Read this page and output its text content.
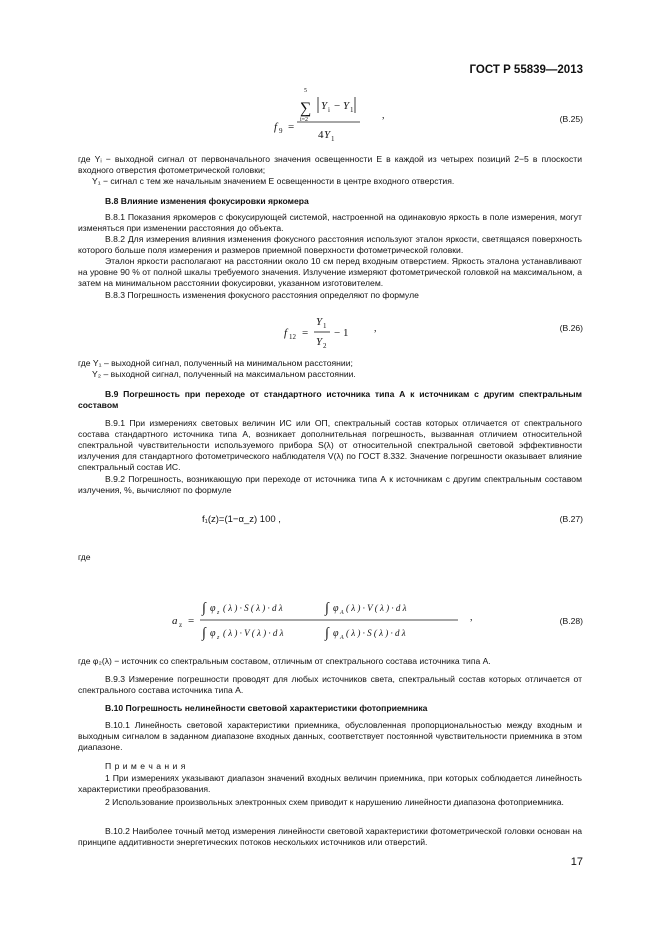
ГОСТ Р 55839—2013
f 9 =
5
∑
i=2
Y i − Y 1
4 Y 1
,	(В.25)
где Yᵢ − выходной сигнал от первоначального значения освещенности E в каждой из четырех позиций 2−5 в плоскости входного отверстия фотометрической головки;
Y₁ − сигнал с тем же начальным значением E освещенности в центре входного отверстия.
В.8 Влияние изменения фокусировки яркомера
В.8.1 Показания яркомеров с фокусирующей системой, настроенной на одинаковую яркость в поле измерения, могут изменяться при изменении расстояния до объекта.
В.8.2 Для измерения влияния изменения фокусного расстояния используют эталон яркости, светящаяся поверхность которого больше поля измерения и размеров приемной поверхности фотометрической головки.
Эталон яркости располагают на расстоянии около 10 см перед входным отверстием. Яркость эталона устанавливают на уровне 90 % от полной шкалы требуемого значения. Излучение измеряют фотометрической головкой на максимальном, а затем на минимальном расстоянии фокусировки, указанном изготовителем.
В.8.3 Погрешность изменения фокусного расстояния определяют по формуле
f 12 =
Y 1
Y 2
− 1	,	(В.26)
где Y₁ – выходной сигнал, полученный на минимальном расстоянии;
Y₂ – выходной сигнал, полученный на максимальном расстоянии.
В.9 Погрешность при переходе от стандартного источника типа А к источникам с другим спектральным составом
В.9.1 При измерениях световых величин ИС или ОП, спектральный состав которых отличается от спектрального состава стандартного источника типа А, возникает дополнительная погрешность, вызванная отличием относительной спектральной чувствительности используемого прибора S(λ) от относительной спектральной световой эффективности излучения для стандартного фотометрического наблюдателя V(λ) по ГОСТ 8.332. Значение погрешности оказывает влияние спектральный состав ИС.
В.9.2 Погрешность, возникающую при переходе от источника типа А к источникам с другим спектральным составом излучения, %, вычисляют по формуле
f₁(z)=(1−α_z) 100 ,	(В.27)
где
a z =
∫ φ z ( λ ) · S ( λ ) · d λ	∫ φ A ( λ ) · V ( λ ) · d λ
∫ φ z ( λ ) · V ( λ ) · d λ	∫ φ A ( λ ) · S ( λ ) · d λ
,	(В.28)
где φ₂(λ) − источник со спектральным составом, отличным от спектрального состава источника типа А.
В.9.3 Измерение погрешности проводят для любых источников света, спектральный состав которых отличается от спектрального состава источника типа А.
В.10 Погрешность нелинейности световой характеристики фотоприемника
В.10.1 Линейность световой характеристики приемника, обусловленная пропорциональностью между входным и выходным сигналом в заданном диапазоне входных данных, соответствует постоянной чувствительности приемника в этом диапазоне.
П р и м е ч а н и я
1 При измерениях указывают диапазон значений входных величин приемника, при которых соблюдается линейность характеристики преобразования.
2 Использование произвольных электронных схем приводит к нарушению линейности диапазона фотоприемника.
В.10.2 Наиболее точный метод измерения линейности световой характеристики фотометрической головки основан на принципе аддитивности энергетических потоков нескольких источников или отверстий.
17
